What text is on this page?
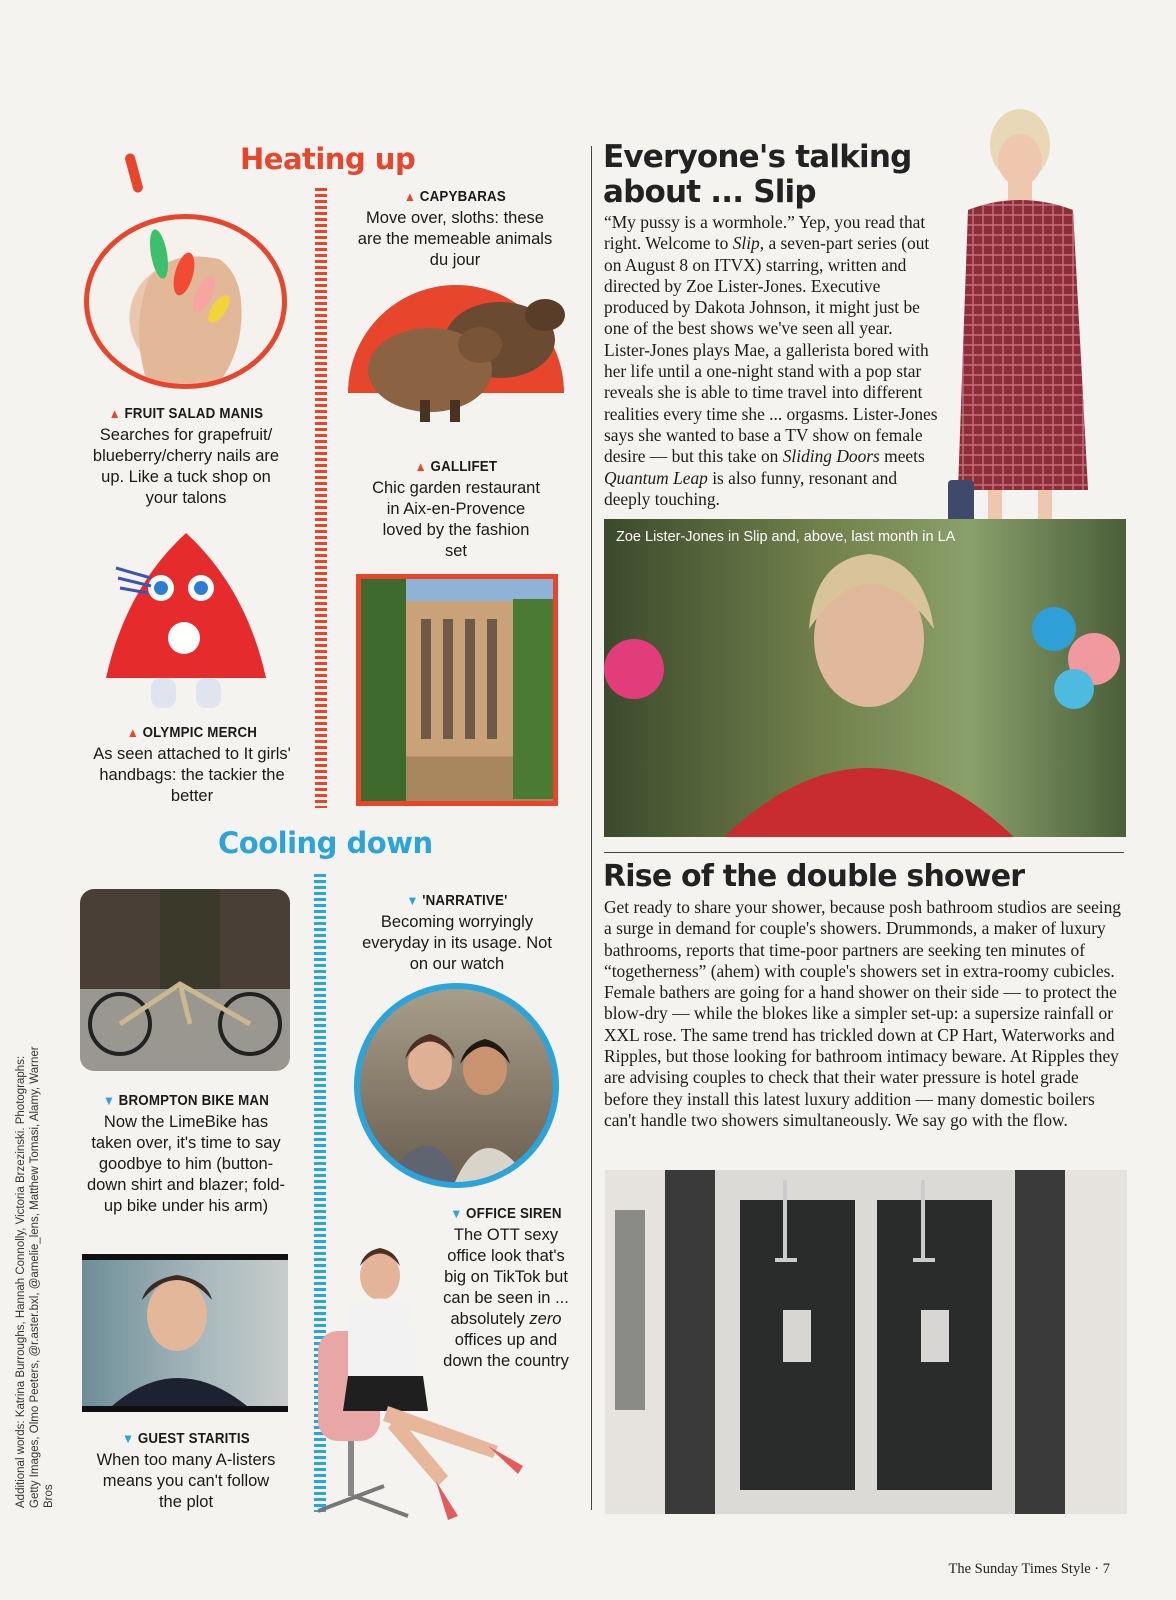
Heating up
▲ FRUIT SALAD MANIS
Searches for grapefruit/ blueberry/cherry nails are up. Like a tuck shop on your talons
▲ CAPYBARAS
Move over, sloths: these are the memeable animals du jour
▲ GALLIFET
Chic garden restaurant in Aix-en-Provence loved by the fashion set
▲ OLYMPIC MERCH
As seen attached to It girls' handbags: the tackier the better
Cooling down
▼ BROMPTON BIKE MAN
Now the LimeBike has taken over, it's time to say goodbye to him (button-down shirt and blazer; fold-up bike under his arm)
▼ GUEST STARITIS
When too many A-listers means you can't follow the plot
▼ 'NARRATIVE'
Becoming worryingly everyday in its usage. Not on our watch
▼ OFFICE SIREN
The OTT sexy office look that's big on TikTok but can be seen in ... absolutely zero offices up and down the country
Everyone's talking
about ... Slip
“My pussy is a wormhole.” Yep, you read that right. Welcome to Slip, a seven-part series (out on August 8 on ITVX) starring, written and directed by Zoe Lister-Jones. Executive produced by Dakota Johnson, it might just be one of the best shows we've seen all year. Lister-Jones plays Mae, a gallerista bored with her life until a one-night stand with a pop star reveals she is able to time travel into different realities every time she ... orgasms. Lister-Jones says she wanted to base a TV show on female desire — but this take on Sliding Doors meets Quantum Leap is also funny, resonant and deeply touching.
Zoe Lister-Jones in Slip and, above, last month in LA
Rise of the double shower
Get ready to share your shower, because posh bathroom studios are seeing a surge in demand for couple's showers. Drummonds, a maker of luxury bathrooms, reports that time-poor partners are seeking ten minutes of “togetherness” (ahem) with couple's showers set in extra-roomy cubicles. Female bathers are going for a hand shower on their side — to protect the blow-dry — while the blokes like a simpler set-up: a supersize rainfall or XXL rose. The same trend has trickled down at CP Hart, Waterworks and Ripples, but those looking for bathroom intimacy beware. At Ripples they are advising couples to check that their water pressure is hotel grade before they install this latest luxury addition — many domestic boilers can't handle two showers simultaneously. We say go with the flow.
Additional words: Katrina Burroughs, Hannah Connolly, Victoria Brzezinski. Photographs: Getty Images, Olmo Peeters, @r.aster.bxl, @amelie_lens, Matthew Tomasi, Alamy, Warner Bros
The Sunday Times Style · 7
